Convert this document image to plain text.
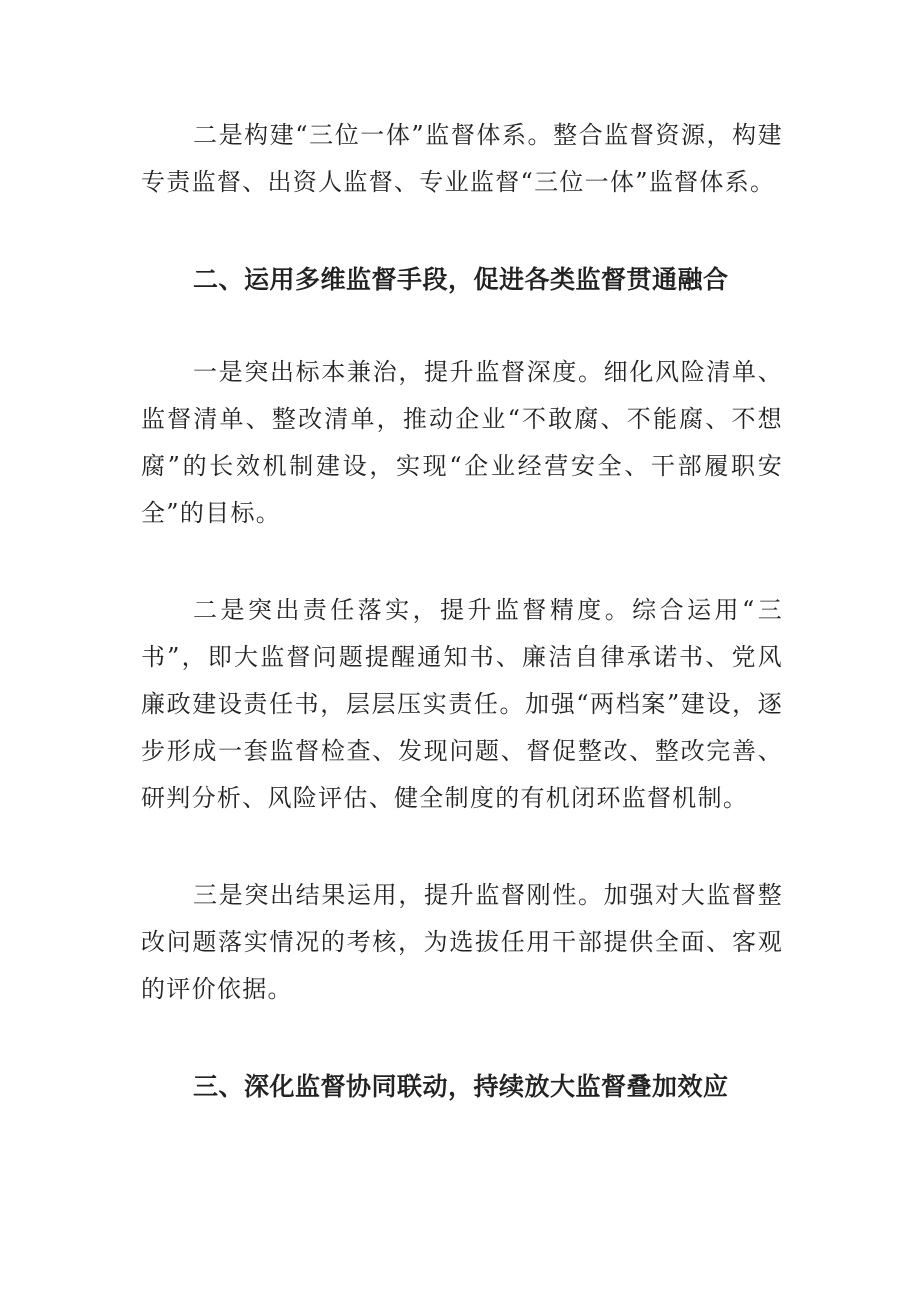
二是构建“三位一体”监督体系。整合监督资源，构建专责监督、出资人监督、专业监督“三位一体”监督体系。

二、运用多维监督手段，促进各类监督贯通融合

一是突出标本兼治，提升监督深度。细化风险清单、监督清单、整改清单，推动企业“不敢腐、不能腐、不想腐”的长效机制建设，实现“企业经营安全、干部履职安全”的目标。

二是突出责任落实，提升监督精度。综合运用“三书”，即大监督问题提醒通知书、廉洁自律承诺书、党风廉政建设责任书，层层压实责任。加强“两档案”建设，逐步形成一套监督检查、发现问题、督促整改、整改完善、研判分析、风险评估、健全制度的有机闭环监督机制。

三是突出结果运用，提升监督刚性。加强对大监督整改问题落实情况的考核，为选拔任用干部提供全面、客观的评价依据。

三、深化监督协同联动，持续放大监督叠加效应
